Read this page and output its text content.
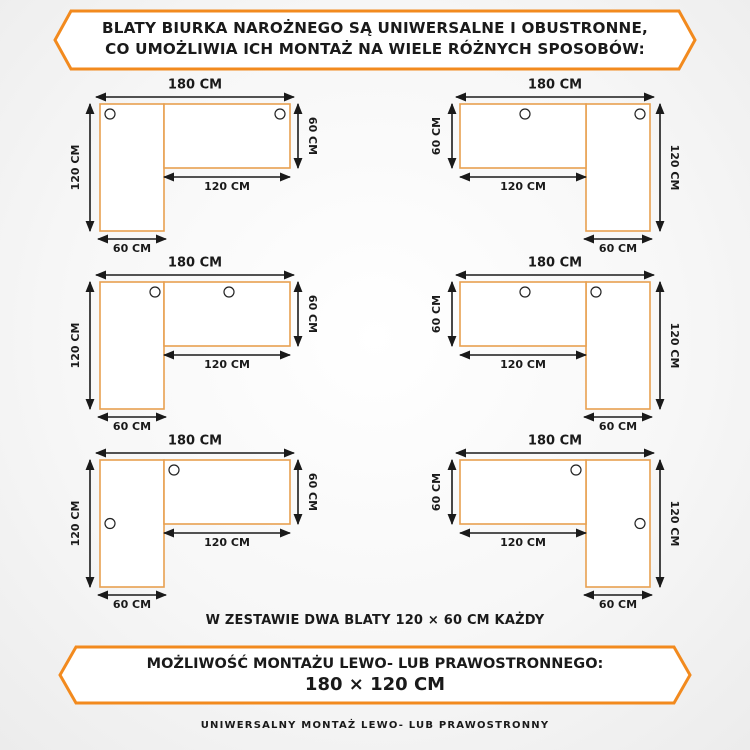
BLATY BIURKA NAROŻNEGO SĄ UNIWERSALNE I OBUSTRONNE,
CO UMOŻLIWIA ICH MONTAŻ NA WIELE RÓŻNYCH SPOSOBÓW:
180 CM
120 CM
60 CM
120 CM
60 CM
180 CM
120 CM
60 CM
60 CM
120 CM
180 CM
120 CM
60 CM
120 CM
60 CM
180 CM
120 CM
60 CM
60 CM
120 CM
180 CM
120 CM
60 CM
120 CM
60 CM
180 CM
120 CM
60 CM
60 CM
120 CM
W ZESTAWIE DWA BLATY 120 × 60 CM KAŻDY
MOŻLIWOŚĆ MONTAŻU LEWO- LUB PRAWOSTRONNEGO:
180 × 120 CM
UNIWERSALNY MONTAŻ LEWO- LUB PRAWOSTRONNY
